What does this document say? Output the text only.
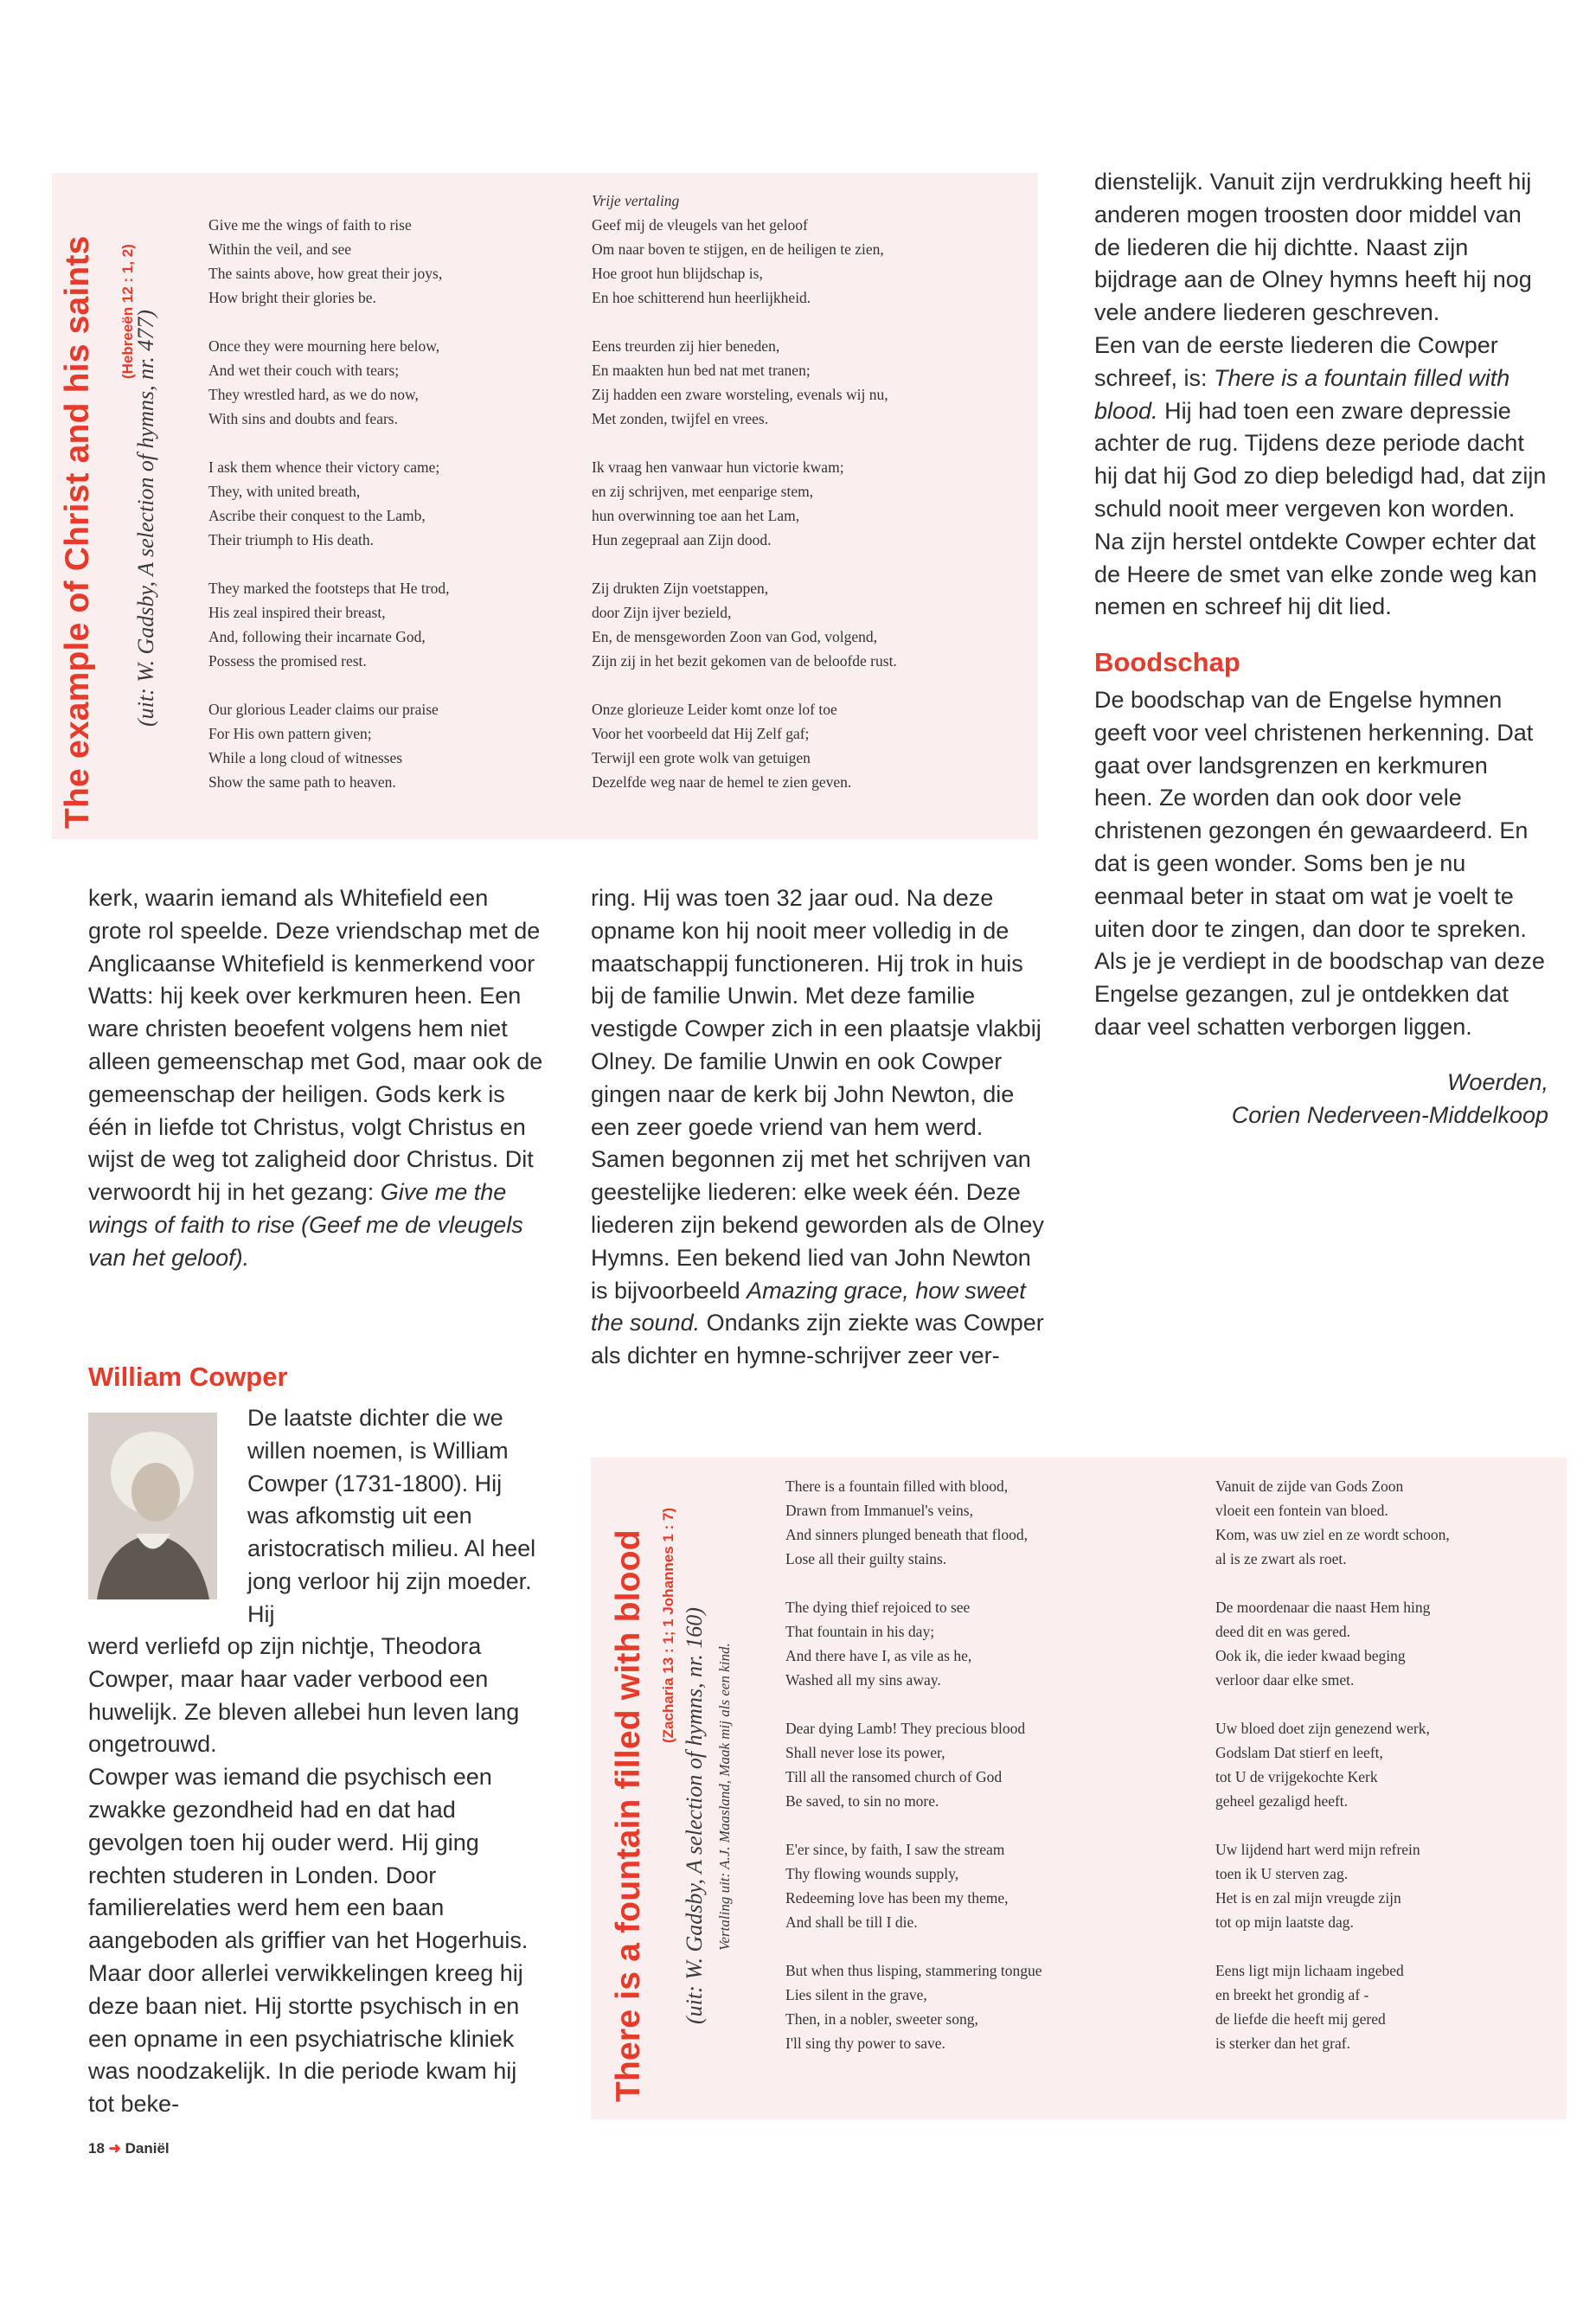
The example of Christ and his saints (Hebreeën 12 : 1, 2)
(uit: W. Gadsby, A selection of hymns, nr. 477)
Give me the wings of faith to rise
Within the veil, and see
The saints above, how great their joys,
How bright their glories be.
Once they were mourning here below,
And wet their couch with tears;
They wrestled hard, as we do now,
With sins and doubts and fears.
I ask them whence their victory came;
They, with united breath,
Ascribe their conquest to the Lamb,
Their triumph to His death.
They marked the footsteps that He trod,
His zeal inspired their breast,
And, following their incarnate God,
Possess the promised rest.
Our glorious Leader claims our praise
For His own pattern given;
While a long cloud of witnesses
Show the same path to heaven.
Vrije vertaling
Geef mij de vleugels van het geloof
Om naar boven te stijgen, en de heiligen te zien,
Hoe groot hun blijdschap is,
En hoe schitterend hun heerlijkheid.
Eens treurden zij hier beneden,
En maakten hun bed nat met tranen;
Zij hadden een zware worsteling, evenals wij nu,
Met zonden, twijfel en vrees.
Ik vraag hen vanwaar hun victorie kwam;
en zij schrijven, met eenparige stem,
hun overwinning toe aan het Lam,
Hun zegepraal aan Zijn dood.
Zij drukten Zijn voetstappen,
door Zijn ijver bezield,
En, de mensgeworden Zoon van God, volgend,
Zijn zij in het bezit gekomen van de beloofde rust.
Onze glorieuze Leider komt onze lof toe
Voor het voorbeeld dat Hij Zelf gaf;
Terwijl een grote wolk van getuigen
Dezelfde weg naar de hemel te zien geven.

dienstelijk. Vanuit zijn verdrukking heeft hij anderen mogen troosten door middel van de liederen die hij dichtte. Naast zijn bijdrage aan de Olney hymns heeft hij nog vele andere liederen geschreven.

Een van de eerste liederen die Cowper schreef, is: There is a fountain filled with blood. Hij had toen een zware depressie achter de rug. Tijdens deze periode dacht hij dat hij God zo diep beledigd had, dat zijn schuld nooit meer vergeven kon worden. Na zijn herstel ontdekte Cowper echter dat de Heere de smet van elke zonde weg kan nemen en schreef hij dit lied.

Boodschap

De boodschap van de Engelse hymnen geeft voor veel christenen herkenning. Dat gaat over landsgrenzen en kerkmuren heen. Ze worden dan ook door vele christenen gezongen én gewaardeerd. En dat is geen wonder. Soms ben je nu eenmaal beter in staat om wat je voelt te uiten door te zingen, dan door te spreken. Als je je verdiept in de boodschap van deze Engelse gezangen, zul je ontdekken dat daar veel schatten verborgen liggen.

Woerden,
Corien Nederveen-Middelkoop

kerk, waarin iemand als Whitefield een grote rol speelde. Deze vriendschap met de Anglicaanse Whitefield is kenmerkend voor Watts: hij keek over kerkmuren heen. Een ware christen beoefent volgens hem niet alleen gemeenschap met God, maar ook de gemeenschap der heiligen. Gods kerk is één in liefde tot Christus, volgt Christus en wijst de weg tot zaligheid door Christus. Dit verwoordt hij in het gezang: Give me the wings of faith to rise (Geef me de vleugels van het geloof).

William Cowper
De laatste dichter die we willen noemen, is William Cowper (1731-1800). Hij was afkomstig uit een aristocratisch milieu. Al heel jong verloor hij zijn moeder. Hij

werd verliefd op zijn nichtje, Theodora Cowper, maar haar vader verbood een huwelijk. Ze bleven allebei hun leven lang ongetrouwd.

Cowper was iemand die psychisch een zwakke gezondheid had en dat had gevolgen toen hij ouder werd. Hij ging rechten studeren in Londen. Door familierelaties werd hem een baan aangeboden als griffier van het Hogerhuis. Maar door allerlei verwikkelingen kreeg hij deze baan niet. Hij stortte psychisch in en een opname in een psychiatrische kliniek was noodzakelijk. In die periode kwam hij tot beke-

ring. Hij was toen 32 jaar oud. Na deze opname kon hij nooit meer volledig in de maatschappij functioneren. Hij trok in huis bij de familie Unwin. Met deze familie vestigde Cowper zich in een plaatsje vlakbij Olney. De familie Unwin en ook Cowper gingen naar de kerk bij John Newton, die een zeer goede vriend van hem werd. Samen begonnen zij met het schrijven van geestelijke liederen: elke week één. Deze liederen zijn bekend geworden als de Olney Hymns. Een bekend lied van John Newton is bijvoorbeeld Amazing grace, how sweet the sound. Ondanks zijn ziekte was Cowper als dichter en hymne-schrijver zeer ver-

There is a fountain filled with blood (Zacharia 13 : 1; 1 Johannes 1 : 7) (uit: W. Gadsby, A selection of hymns, nr. 160) Vertaling uit: A.J. Maasland, Maak mij als een kind.
There is a fountain filled with blood,
Drawn from Immanuel's veins,
And sinners plunged beneath that flood,
Lose all their guilty stains.
The dying thief rejoiced to see
That fountain in his day;
And there have I, as vile as he,
Washed all my sins away.
Dear dying Lamb! They precious blood
Shall never lose its power,
Till all the ransomed church of God
Be saved, to sin no more.
E'er since, by faith, I saw the stream
Thy flowing wounds supply,
Redeeming love has been my theme,
And shall be till I die.
But when thus lisping, stammering tongue
Lies silent in the grave,
Then, in a nobler, sweeter song,
I'll sing thy power to save.
Vanuit de zijde van Gods Zoon
vloeit een fontein van bloed.
Kom, was uw ziel en ze wordt schoon,
al is ze zwart als roet.
De moordenaar die naast Hem hing
deed dit en was gered.
Ook ik, die ieder kwaad beging
verloor daar elke smet.
Uw bloed doet zijn genezend werk,
Godslam Dat stierf en leeft,
tot U de vrijgekochte Kerk
geheel gezaligd heeft.
Uw lijdend hart werd mijn refrein
toen ik U sterven zag.
Het is en zal mijn vreugde zijn
tot op mijn laatste dag.
Eens ligt mijn lichaam ingebed
en breekt het grondig af -
de liefde die heeft mij gered
is sterker dan het graf.
18 ➜ Daniël
